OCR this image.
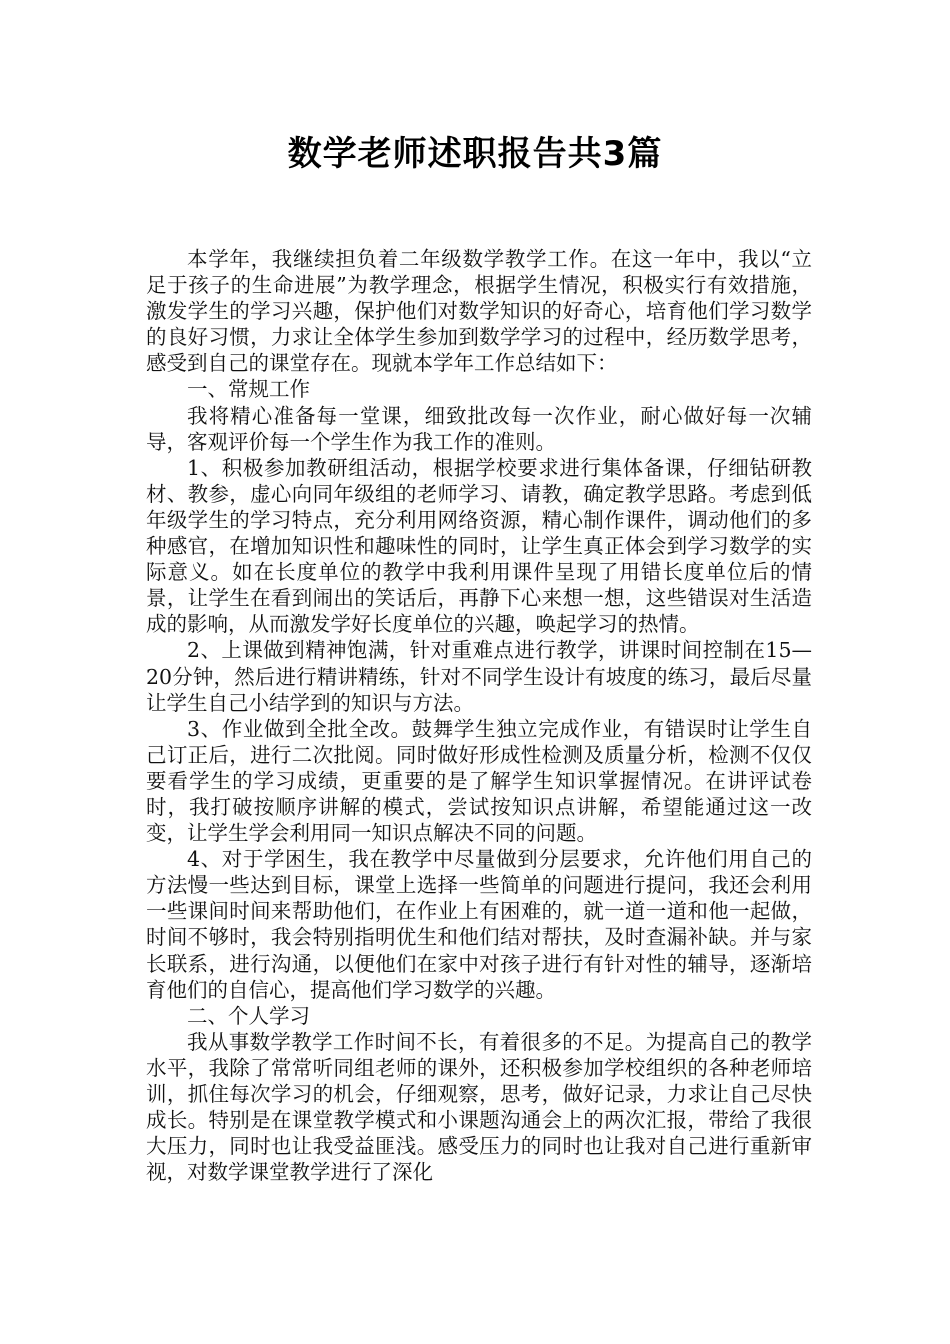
数学老师述职报告共3篇

本学年，我继续担负着二年级数学教学工作。在这一年中，我以“立足于孩子的生命进展”为教学理念，根据学生情况，积极实行有效措施，激发学生的学习兴趣，保护他们对数学知识的好奇心，培育他们学习数学的良好习惯，力求让全体学生参加到数学学习的过程中，经历数学思考，感受到自己的课堂存在。现就本学年工作总结如下：

一、常规工作

我将精心准备每一堂课，细致批改每一次作业，耐心做好每一次辅导，客观评价每一个学生作为我工作的准则。

1、积极参加教研组活动，根据学校要求进行集体备课，仔细钻研教材、教参，虚心向同年级组的老师学习、请教，确定教学思路。考虑到低年级学生的学习特点，充分利用网络资源，精心制作课件，调动他们的多种感官，在增加知识性和趣味性的同时，让学生真正体会到学习数学的实际意义。如在长度单位的教学中我利用课件呈现了用错长度单位后的情景，让学生在看到闹出的笑话后，再静下心来想一想，这些错误对生活造成的影响，从而激发学好长度单位的兴趣，唤起学习的热情。

2、上课做到精神饱满，针对重难点进行教学，讲课时间控制在15—20分钟，然后进行精讲精练，针对不同学生设计有坡度的练习，最后尽量让学生自己小结学到的知识与方法。

3、作业做到全批全改。鼓舞学生独立完成作业，有错误时让学生自己订正后，进行二次批阅。同时做好形成性检测及质量分析，检测不仅仅要看学生的学习成绩，更重要的是了解学生知识掌握情况。在讲评试卷时，我打破按顺序讲解的模式，尝试按知识点讲解，希望能通过这一改变，让学生学会利用同一知识点解决不同的问题。

4、对于学困生，我在教学中尽量做到分层要求，允许他们用自己的方法慢一些达到目标，课堂上选择一些简单的问题进行提问，我还会利用一些课间时间来帮助他们，在作业上有困难的，就一道一道和他一起做，时间不够时，我会特别指明优生和他们结对帮扶，及时查漏补缺。并与家长联系，进行沟通，以便他们在家中对孩子进行有针对性的辅导，逐渐培育他们的自信心，提高他们学习数学的兴趣。

二、个人学习

我从事数学教学工作时间不长，有着很多的不足。为提高自己的教学水平，我除了常常听同组老师的课外，还积极参加学校组织的各种老师培训，抓住每次学习的机会，仔细观察，思考，做好记录，力求让自己尽快成长。特别是在课堂教学模式和小课题沟通会上的两次汇报，带给了我很大压力，同时也让我受益匪浅。感受压力的同时也让我对自己进行重新审视，对数学课堂教学进行了深化
